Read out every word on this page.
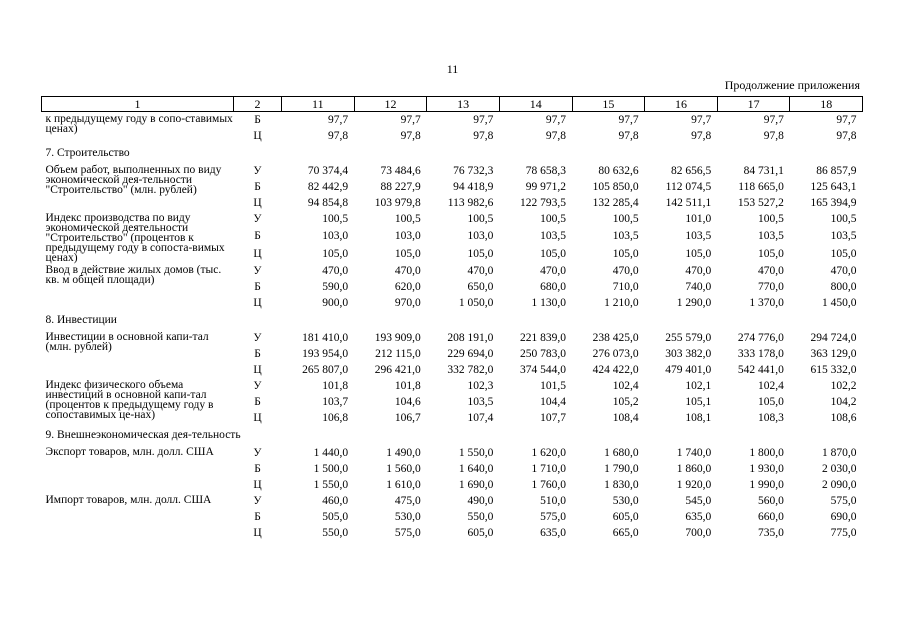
11
Продолжение приложения
1	2	11	12	13	14	15	16	17	18

к предыдущему году в сопо-ставимых ценах)	Б	97,7	97,7	97,7	97,7	97,7	97,7	97,7	97,7
	Ц	97,8	97,8	97,8	97,8	97,8	97,8	97,8	97,8
7. Строительство									

Объем работ, выполненных по виду экономической дея-тельности "Строительство" (млн. рублей)	У	70 374,4	73 484,6	76 732,3	78 658,3	80 632,6	82 656,5	84 731,1	86 857,9
	Б	82 442,9	88 227,9	94 418,9	99 971,2	105 850,0	112 074,5	118 665,0	125 643,1
	Ц	94 854,8	103 979,8	113 982,6	122 793,5	132 285,4	142 511,1	153 527,2	165 394,9

Индекс производства по виду экономической деятельности "Строительство" (процентов к предыдущему году в сопоста-вимых ценах)	У	100,5	100,5	100,5	100,5	100,5	101,0	100,5	100,5
	Б	103,0	103,0	103,0	103,5	103,5	103,5	103,5	103,5
	Ц	105,0	105,0	105,0	105,0	105,0	105,0	105,0	105,0

Ввод в действие жилых домов (тыс. кв. м общей площади)	У	470,0	470,0	470,0	470,0	470,0	470,0	470,0	470,0
	Б	590,0	620,0	650,0	680,0	710,0	740,0	770,0	800,0
	Ц	900,0	970,0	1 050,0	1 130,0	1 210,0	1 290,0	1 370,0	1 450,0
8. Инвестиции									

Инвестиции в основной капи-тал (млн. рублей)	У	181 410,0	193 909,0	208 191,0	221 839,0	238 425,0	255 579,0	274 776,0	294 724,0
	Б	193 954,0	212 115,0	229 694,0	250 783,0	276 073,0	303 382,0	333 178,0	363 129,0
	Ц	265 807,0	296 421,0	332 782,0	374 544,0	424 422,0	479 401,0	542 441,0	615 332,0

Индекс физического объема инвестиций в основной капи-тал (процентов к предыдущему году в сопоставимых це-нах)	У	101,8	101,8	102,3	101,5	102,4	102,1	102,4	102,2
	Б	103,7	104,6	103,5	104,4	105,2	105,1	105,0	104,2
	Ц	106,8	106,7	107,4	107,7	108,4	108,1	108,3	108,6
9. Внешнеэкономическая дея-тельность									

Экспорт товаров, млн. долл. США	У	1 440,0	1 490,0	1 550,0	1 620,0	1 680,0	1 740,0	1 800,0	1 870,0
	Б	1 500,0	1 560,0	1 640,0	1 710,0	1 790,0	1 860,0	1 930,0	2 030,0
	Ц	1 550,0	1 610,0	1 690,0	1 760,0	1 830,0	1 920,0	1 990,0	2 090,0

Импорт товаров, млн. долл. США	У	460,0	475,0	490,0	510,0	530,0	545,0	560,0	575,0
	Б	505,0	530,0	550,0	575,0	605,0	635,0	660,0	690,0
	Ц	550,0	575,0	605,0	635,0	665,0	700,0	735,0	775,0
